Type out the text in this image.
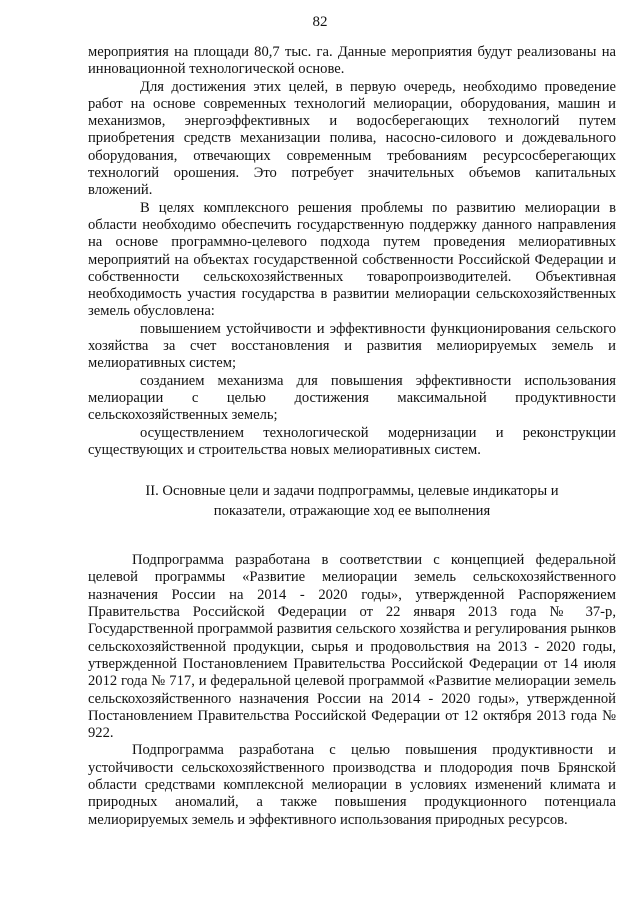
82

мероприятия на площади 80,7 тыс. га. Данные мероприятия будут реализованы на инновационной технологической основе.

Для достижения этих целей, в первую очередь, необходимо проведение работ на основе современных технологий мелиорации, оборудования, машин и механизмов, энергоэффективных и водосберегающих технологий путем приобретения средств механизации полива, насосно-силового и дождевального оборудования, отвечающих современным требованиям ресурсосберегающих технологий орошения. Это потребует значительных объемов капитальных вложений.

В целях комплексного решения проблемы по развитию мелиорации в области необходимо обеспечить государственную поддержку данного направления на основе программно-целевого подхода путем проведения мелиоративных мероприятий на объектах государственной собственности Российской Федерации и собственности сельскохозяйственных товаропроизводителей. Объективная необходимость участия государства в развитии мелиорации сельскохозяйственных земель обусловлена:

повышением устойчивости и эффективности функционирования сельского хозяйства за счет восстановления и развития мелиорируемых земель и мелиоративных систем;

созданием механизма для повышения эффективности использования мелиорации с целью достижения максимальной продуктивности сельскохозяйственных земель;

осуществлением технологической модернизации и реконструкции существующих и строительства новых мелиоративных систем.

II. Основные цели и задачи подпрограммы, целевые индикаторы и
показатели, отражающие ход ее выполнения

Подпрограмма разработана в соответствии с концепцией федеральной целевой программы «Развитие мелиорации земель сельскохозяйственного назначения России на 2014 - 2020 годы», утвержденной Распоряжением Правительства Российской Федерации от 22 января 2013 года № 37-р, Государственной программой развития сельского хозяйства и регулирования рынков сельскохозяйственной продукции, сырья и продовольствия на 2013 - 2020 годы, утвержденной Постановлением Правительства Российской Федерации от 14 июля 2012 года № 717, и федеральной целевой программой «Развитие мелиорации земель сельскохозяйственного назначения России на 2014 - 2020 годы», утвержденной Постановлением Правительства Российской Федерации от 12 октября 2013 года № 922.

Подпрограмма разработана с целью повышения продуктивности и устойчивости сельскохозяйственного производства и плодородия почв Брянской области средствами комплексной мелиорации в условиях изменений климата и природных аномалий, а также повышения продукционного потенциала мелиорируемых земель и эффективного использования природных ресурсов.
